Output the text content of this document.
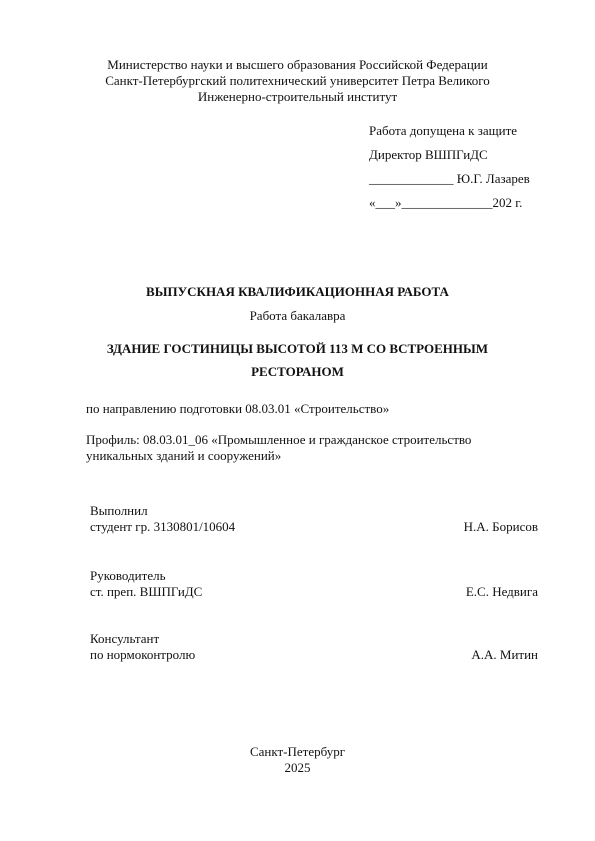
Министерство науки и высшего образования Российской Федерации
Санкт-Петербургский политехнический университет Петра Великого
Инженерно-строительный институт
Работа допущена к защите
Директор ВШПГиДС
_____________ Ю.Г. Лазарев
«___»______________202 г.
ВЫПУСКНАЯ КВАЛИФИКАЦИОННАЯ РАБОТА
Работа бакалавра
ЗДАНИЕ ГОСТИНИЦЫ ВЫСОТОЙ 113 М СО ВСТРОЕННЫМ
РЕСТОРАНОМ
по направлению подготовки 08.03.01 «Строительство»
Профиль: 08.03.01_06 «Промышленное и гражданское строительство
уникальных зданий и сооружений»
Выполнил
студент гр. 3130801/10604	Н.А. Борисов
Руководитель
ст. преп. ВШПГиДС	Е.С. Недвига
Консультант
по нормоконтролю	А.А. Митин
Санкт-Петербург
2025
